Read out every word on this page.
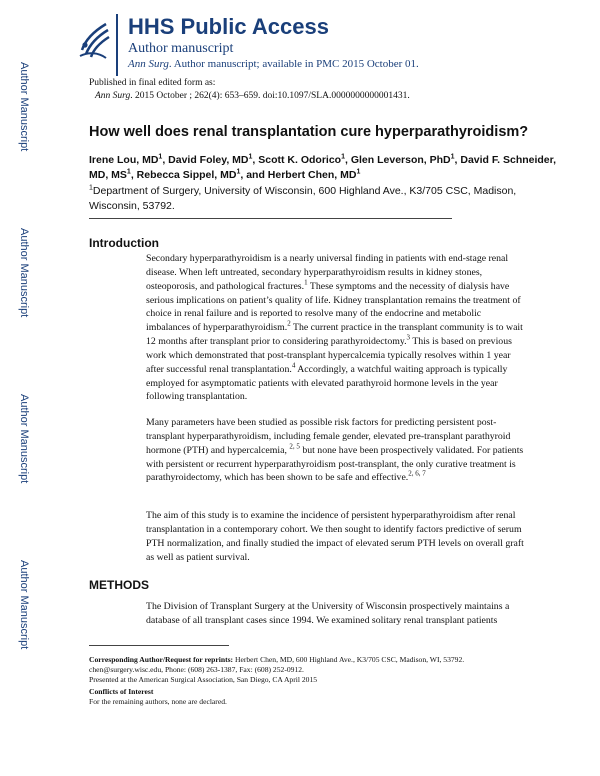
Author Manuscript
Author Manuscript
Author Manuscript
Author Manuscript
HHS Public Access
Author manuscript
Ann Surg. Author manuscript; available in PMC 2015 October 01.
Published in final edited form as:
Ann Surg. 2015 October ; 262(4): 653–659. doi:10.1097/SLA.0000000000001431.
How well does renal transplantation cure hyperparathyroidism?
Irene Lou, $MD^1$, David Foley, $MD^1$, Scott K. Odorico$^1$, Glen Leverson, PhD$^1$, David F. Schneider, MD, $MS^1$, Rebecca Sippel, $MD^1$, and Herbert Chen, $MD^1$
$^1$Department of Surgery, University of Wisconsin, 600 Highland Ave., K3/705 CSC, Madison, Wisconsin, 53792.
Introduction

Secondary hyperparathyroidism is a nearly universal finding in patients with end-stage renal disease. When left untreated, secondary hyperparathyroidism results in kidney stones, osteoporosis, and pathological fractures.$^1$ These symptoms and the necessity of dialysis have serious implications on patient’s quality of life. Kidney transplantation remains the treatment of choice in renal failure and is reported to resolve many of the endocrine and metabolic imbalances of hyperparathyroidism.$^2$ The current practice in the transplant community is to wait 12 months after transplant prior to considering parathyroidectomy.$^3$ This is based on previous work which demonstrated that post-transplant hypercalcemia typically resolves within 1 year after successful renal transplantation.$^4$ Accordingly, a watchful waiting approach is typically employed for asymptomatic patients with elevated parathyroid hormone levels in the year following transplantation.

Many parameters have been studied as possible risk factors for predicting persistent post-transplant hyperparathyroidism, including female gender, elevated pre-transplant parathyroid hormone (PTH) and hypercalcemia, $^{2, 5}$ but none have been prospectively validated. For patients with persistent or recurrent hyperparathyroidism post-transplant, the only curative treatment is parathyroidectomy, which has been shown to be safe and effective.$^{2, 6, 7}$

The aim of this study is to examine the incidence of persistent hyperparathyroidism after renal transplantation in a contemporary cohort. We then sought to identify factors predictive of serum PTH normalization, and finally studied the impact of elevated serum PTH levels on overall graft as well as patient survival.

METHODS

The Division of Transplant Surgery at the University of Wisconsin prospectively maintains a database of all transplant cases since 1994. We examined solitary renal transplant patients

Corresponding Author/Request for reprints: Herbert Chen, MD, 600 Highland Ave., K3/705 CSC, Madison, WI, 53792. chen@surgery.wisc.edu, Phone: (608) 263-1387, Fax: (608) 252-0912.

Presented at the American Surgical Association, San Diego, CA April 2015

Conflicts of Interest

For the remaining authors, none are declared.
